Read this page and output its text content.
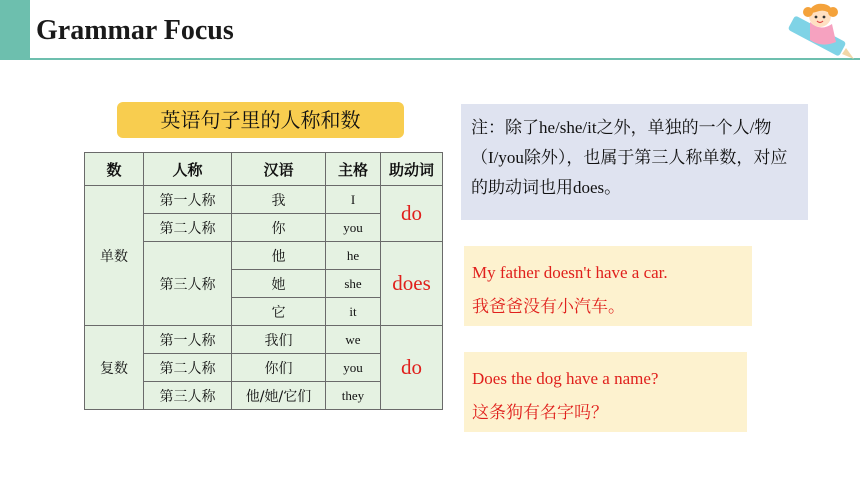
Grammar Focus
英语句子里的人称和数
数	人称	汉语	主格	助动词
单数	第一人称	我	I	do
	第二人称	你	you	
	第三人称	他	he	does
		她	she	
		它	it	
复数	第一人称	我们	we	do
	第二人称	你们	you	
	第三人称	他/她/它们	they	
注：除了he/she/it之外，单独的一个人/物（I/you除外），也属于第三人称单数，对应的助动词也用does。
My father doesn't have a car.
我爸爸没有小汽车。
Does the dog have a name?
这条狗有名字吗？
